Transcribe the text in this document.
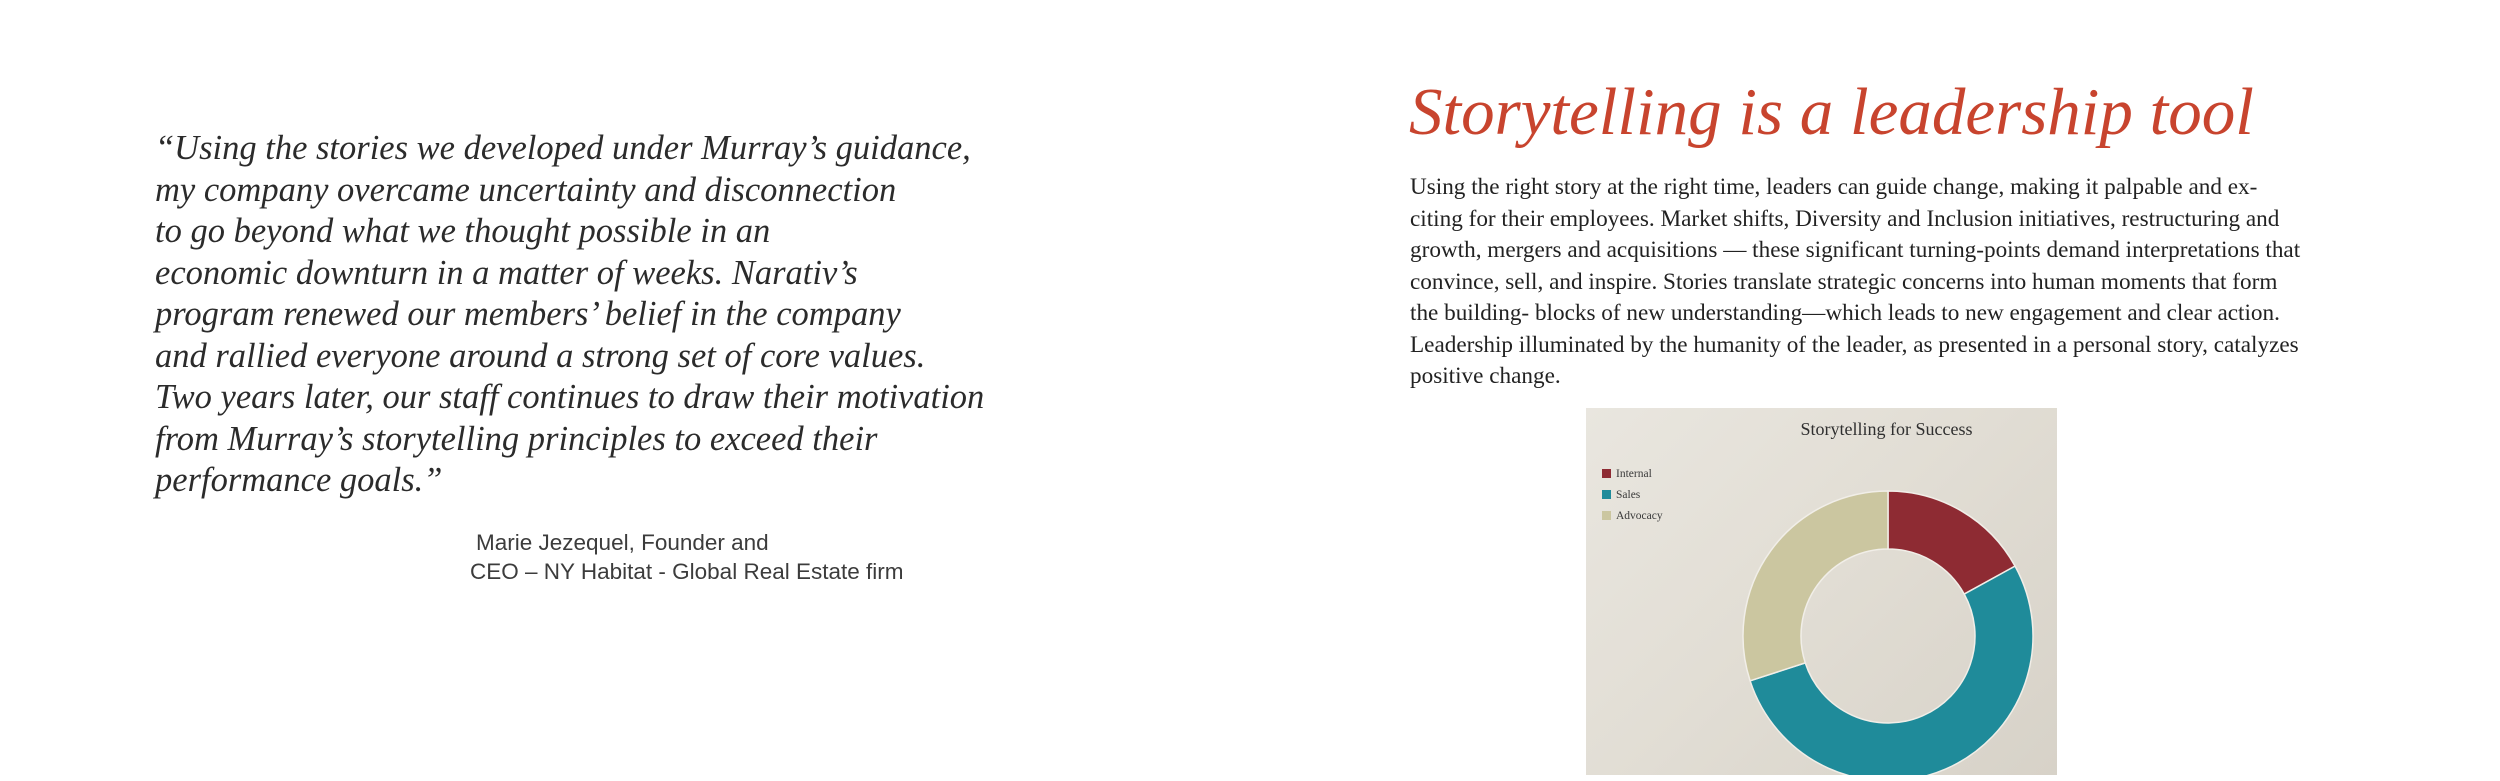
“Using the stories we developed under Murray’s guidance,
my company overcame uncertainty and disconnection
to go beyond what we thought possible in an
economic downturn in a matter of weeks. Narativ’s
program renewed our members’ belief in the company
and rallied everyone around a strong set of core values.
Two years later, our staff continues to draw their motivation
from Murray’s storytelling principles to exceed their
performance goals.”

Marie Jezequel, Founder and
CEO – NY Habitat - Global Real Estate firm
Storytelling is a leadership tool

Using the right story at the right time, leaders can guide change, making it palpable and ex-
citing for their employees. Market shifts, Diversity and Inclusion initiatives, restructuring and
growth, mergers and acquisitions — these significant turning-points demand interpretations that
convince, sell, and inspire. Stories translate strategic concerns into human moments that form
the building- blocks of new understanding—which leads to new engagement and clear action.
Leadership illuminated by the humanity of the leader, as presented in a personal story, catalyzes
positive change.

Storytelling for Success
Internal
Sales
Advocacy
